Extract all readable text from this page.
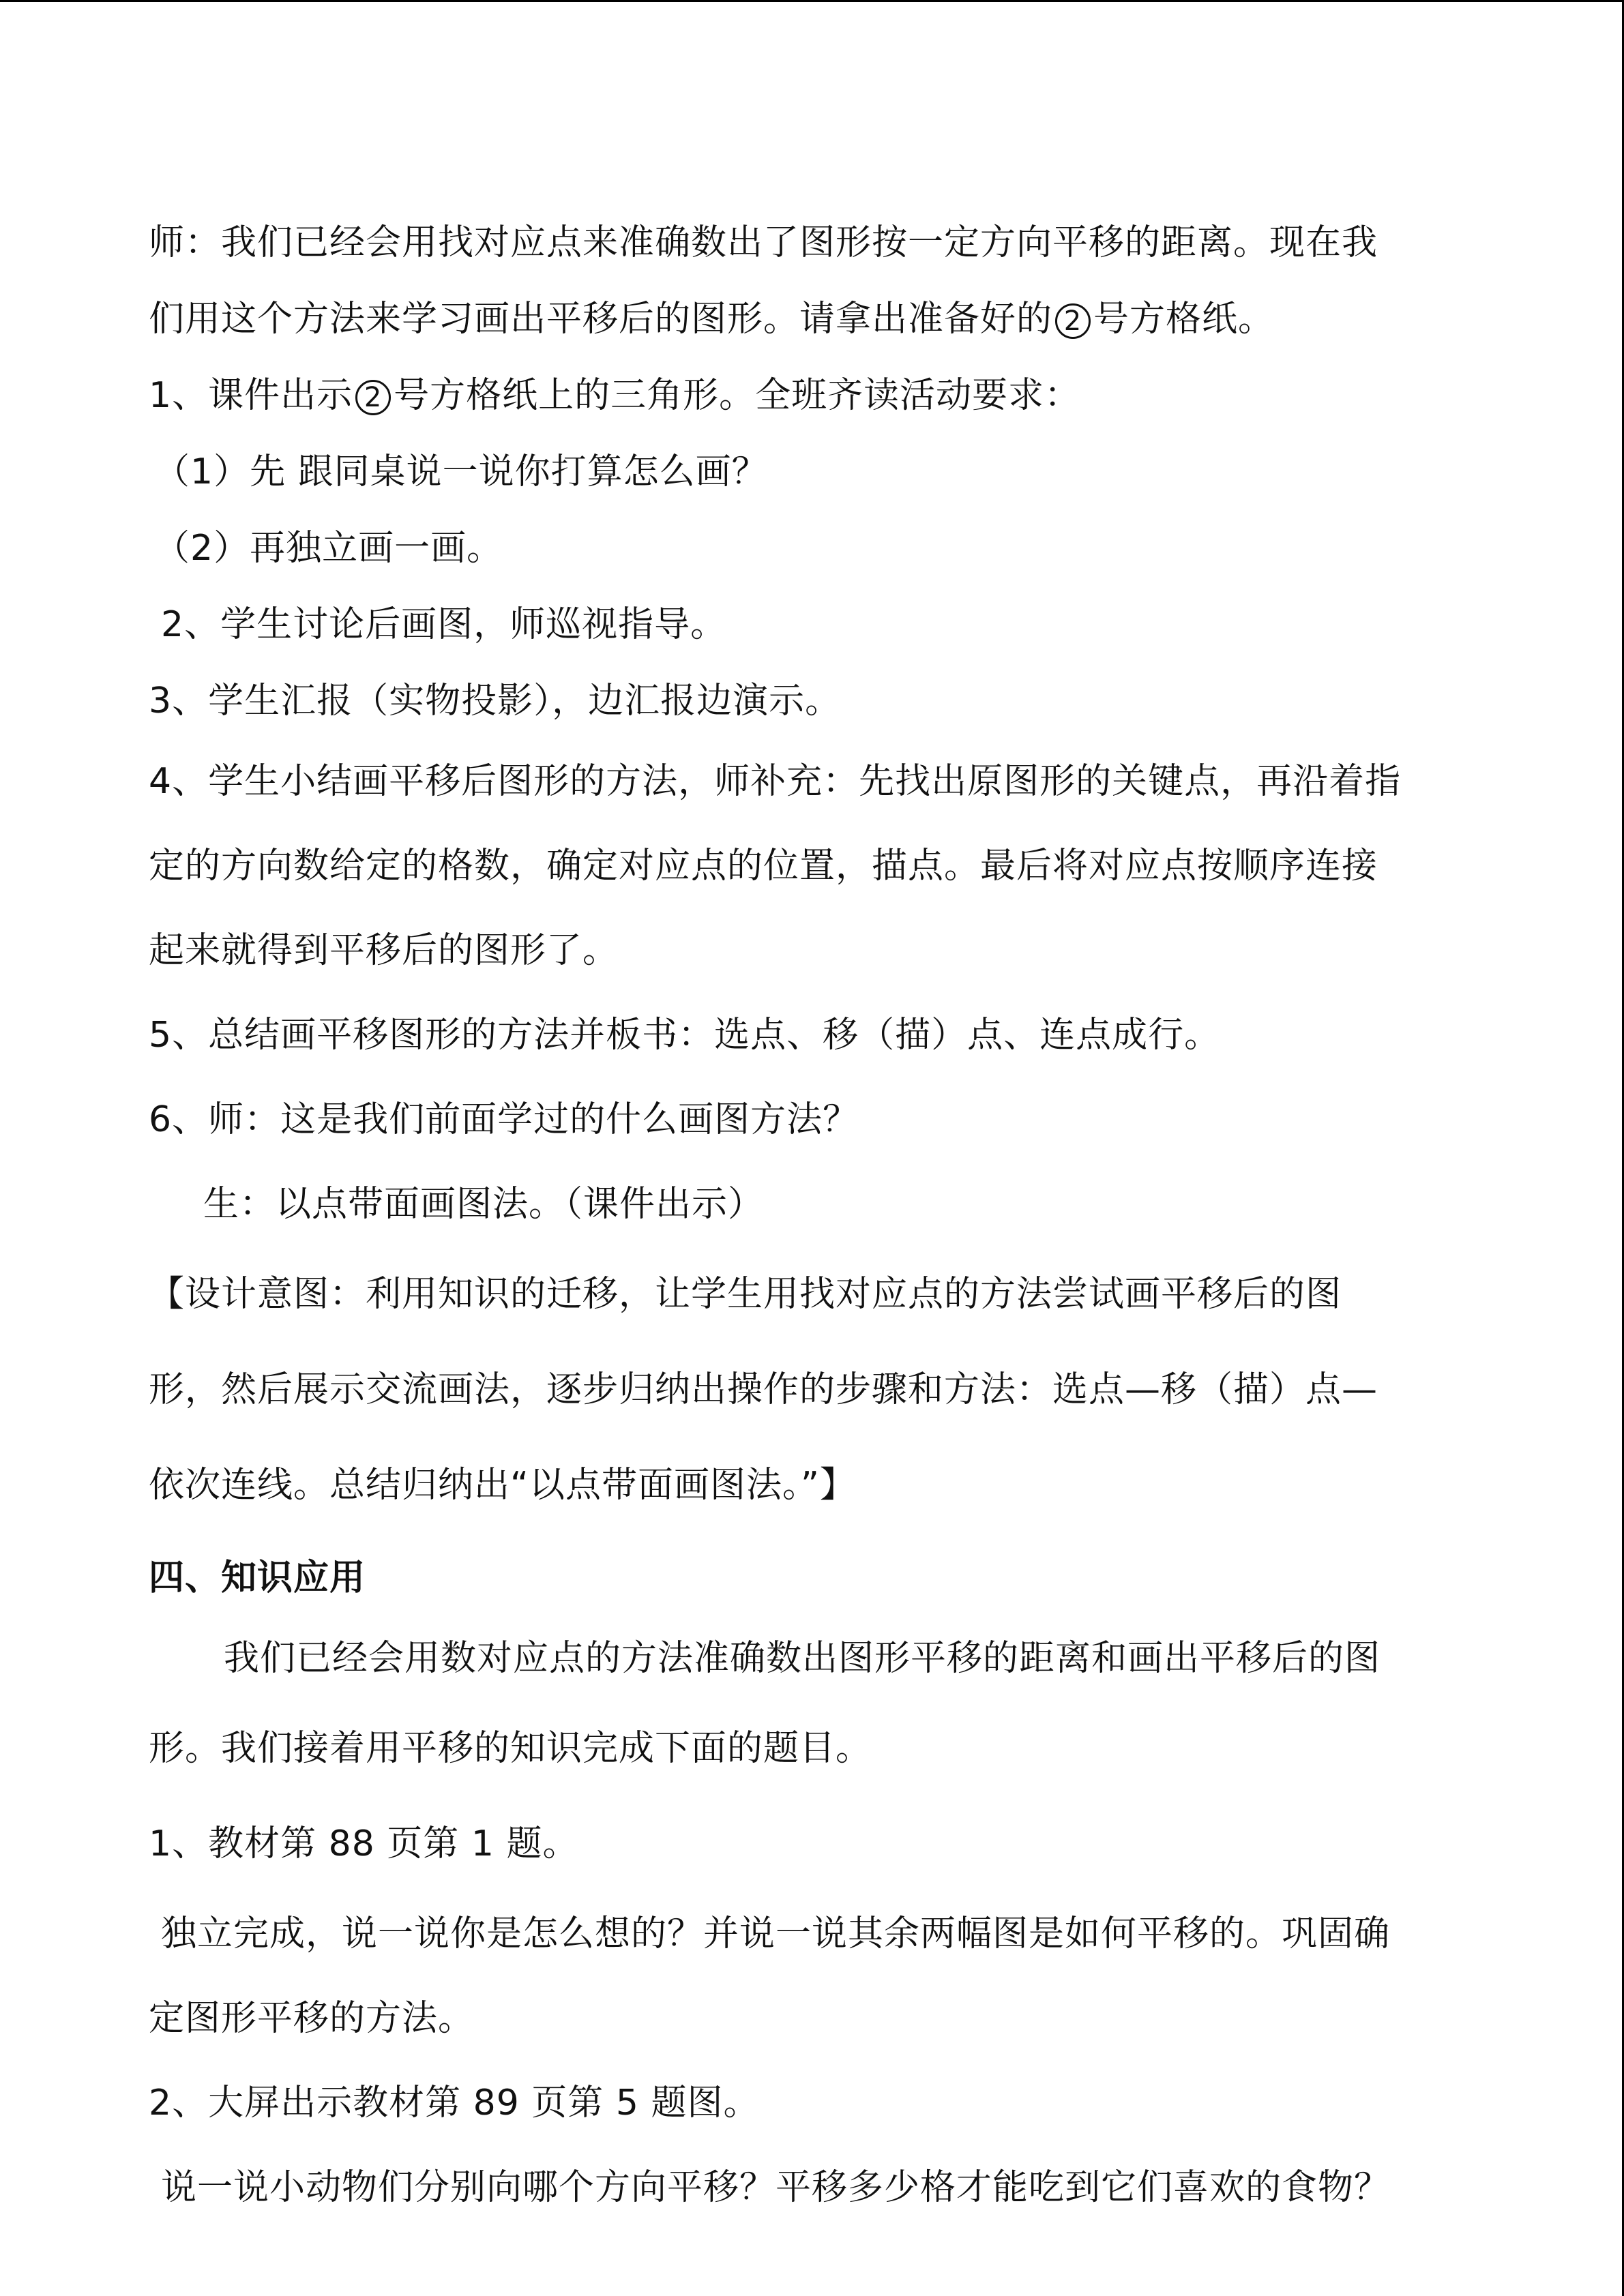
师：我们已经会用找对应点来准确数出了图形按一定方向平移的距离。现在我
们用这个方法来学习画出平移后的图形。请拿出准备好的 2 号方格纸。
1、课件出示 2 号方格纸上的三角形。全班齐读活动要求：
（1）先 跟同桌说一说你打算怎么画？
（2）再独立画一画。
2、学生讨论后画图，师巡视指导。
3、学生汇报（实物投影），边汇报边演示。
4、学生小结画平移后图形的方法，师补充：先找出原图形的关键点，再沿着指
定的方向数给定的格数，确定对应点的位置，描点。最后将对应点按顺序连接
起来就得到平移后的图形了。
5、总结画平移图形的方法并板书：选点、移（描）点、连点成行。
6、师：这是我们前面学过的什么画图方法？
生：以点带面画图法。（课件出示）
【设计意图：利用知识的迁移，让学生用找对应点的方法尝试画平移后的图
形，然后展示交流画法，逐步归纳出操作的步骤和方法：选点—移（描）点—
依次连线。总结归纳出“以点带面画图法。”】
四、知识应用
我们已经会用数对应点的方法准确数出图形平移的距离和画出平移后的图
形。我们接着用平移的知识完成下面的题目。
1、教材第 88 页第 1 题。
独立完成，说一说你是怎么想的？并说一说其余两幅图是如何平移的。巩固确
定图形平移的方法。
2、大屏出示教材第 89 页第 5 题图。
说一说小动物们分别向哪个方向平移？平移多少格才能吃到它们喜欢的食物？
